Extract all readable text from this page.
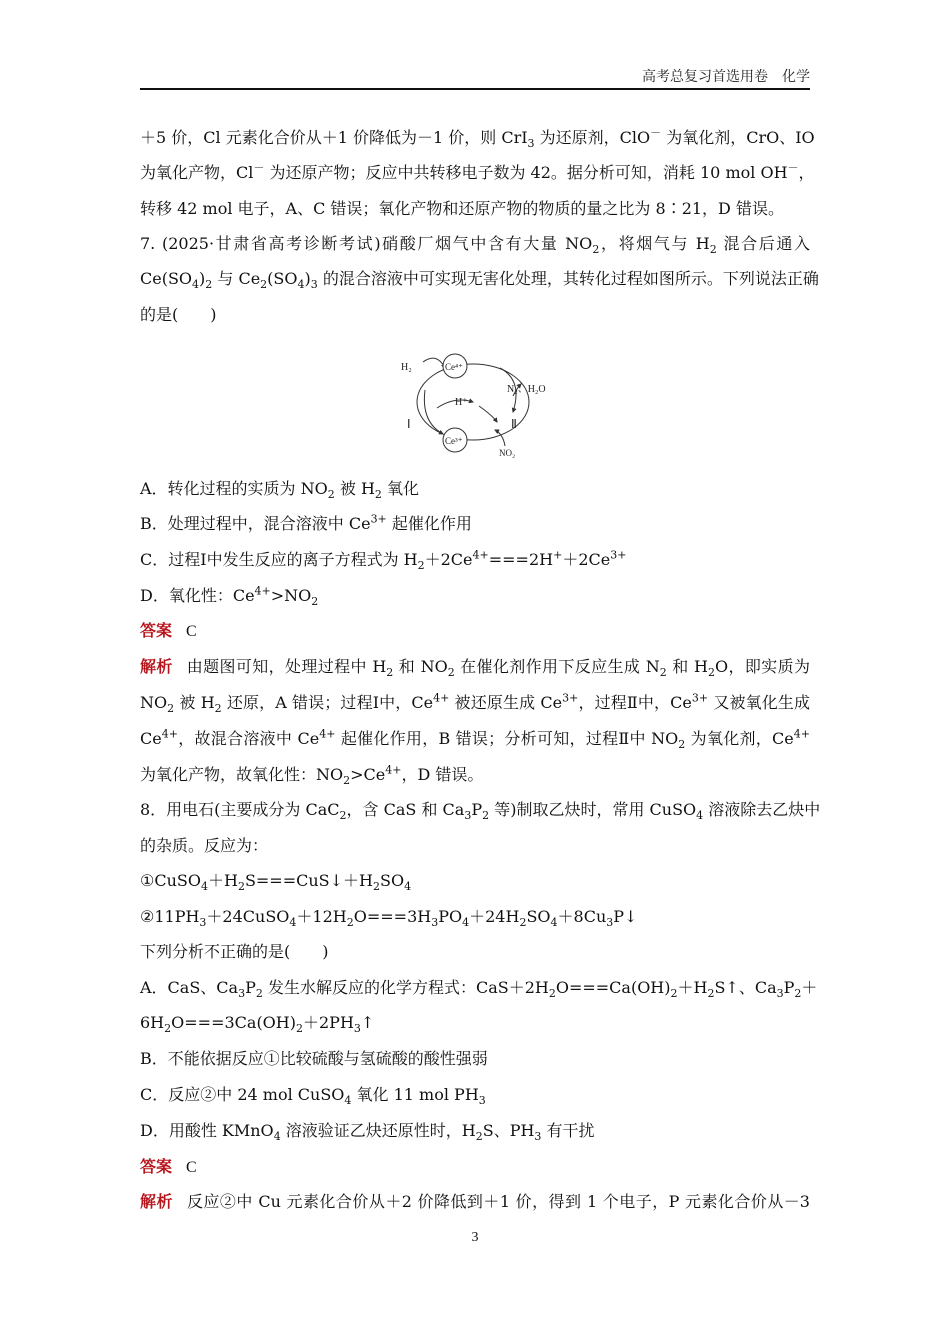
高考总复习首选用卷　化学
＋5 价，Cl 元素化合价从＋1 价降低为－1 价，则 CrI$_3$ 为还原剂，ClO－ 为氧化剂，CrO、IO
为氧化产物，Cl－ 为还原产物；反应中共转移电子数为 42。据分析可知，消耗 10 mol OH－，
转移 42 mol 电子，A、C 错误；氧化产物和还原产物的物质的量之比为 8∶21，D 错误。
7. (2025·甘肃省高考诊断考试)硝酸厂烟气中含有大量 $NO_2$，将烟气与 $H_2$ 混合后通入
$Ce(SO_4)_2$ 与 $Ce_2(SO_4)_3$ 的混合溶液中可实现无害化处理，其转化过程如图所示。下列说法正确
的是(　　)
A．转化过程的实质为 $NO_2$ 被 $H_2$ 氧化
B．处理过程中，混合溶液中 $Ce^{3+}$ 起催化作用
C．过程Ⅰ中发生反应的离子方程式为 $H_2+2Ce^{4+}===2H^++2Ce^{3+}$
D．氧化性：$Ce^{4+}>NO_2$
答案 C
解析 由题图可知，处理过程中 $H_2$ 和 $NO_2$ 在催化剂作用下反应生成 $N_2$ 和 $H_2O$，即实质为
$NO_2$ 被 $H_2$ 还原，A 错误；过程Ⅰ中，$Ce^{4+}$ 被还原生成 $Ce^{3+}$，过程Ⅱ中，$Ce^{3+}$ 又被氧化生成
$Ce^{4+}$，故混合溶液中 $Ce^{4+}$ 起催化作用，B 错误；分析可知，过程Ⅱ中 $NO_2$ 为氧化剂，$Ce^{4+}$
为氧化产物，故氧化性：$NO_2>Ce^{4+}$，D 错误。
8．用电石(主要成分为 CaC$_2$，含 CaS 和 $Ca_3P_2$ 等)制取乙炔时，常用 CuSO$_4$ 溶液除去乙炔中
的杂质。反应为：
$①CuSO_4+H_2S===CuS↓+H_2SO_4$
$②11PH_3+24CuSO_4+12H_2O===3H_3PO_4+24H_2SO_4+8Cu_3P↓$
下列分析不正确的是(　　)
A．CaS、$Ca_3P_2$ 发生水解反应的化学方程式：$CaS+2H_2O===Ca(OH)_2+H_2S↑$、$Ca_3P_2+$
$6H_2O===3Ca(OH)_2+2PH_3↑$
B．不能依据反应①比较硫酸与氢硫酸的酸性强弱
C．反应②中 24 mol CuSO$_4$ 氧化 11 mol $PH_3$
D．用酸性 KMnO$_4$ 溶液验证乙炔还原性时，$H_2S$、$PH_3$ 有干扰
答案 C
解析 反应②中 Cu 元素化合价从＋2 价降低到＋1 价，得到 1 个电子，P 元素化合价从－3
H₂	Ce⁴⁺
H⁺
Ce³⁺
N₂、H₂O
NO₂
Ⅰ	Ⅱ
3
